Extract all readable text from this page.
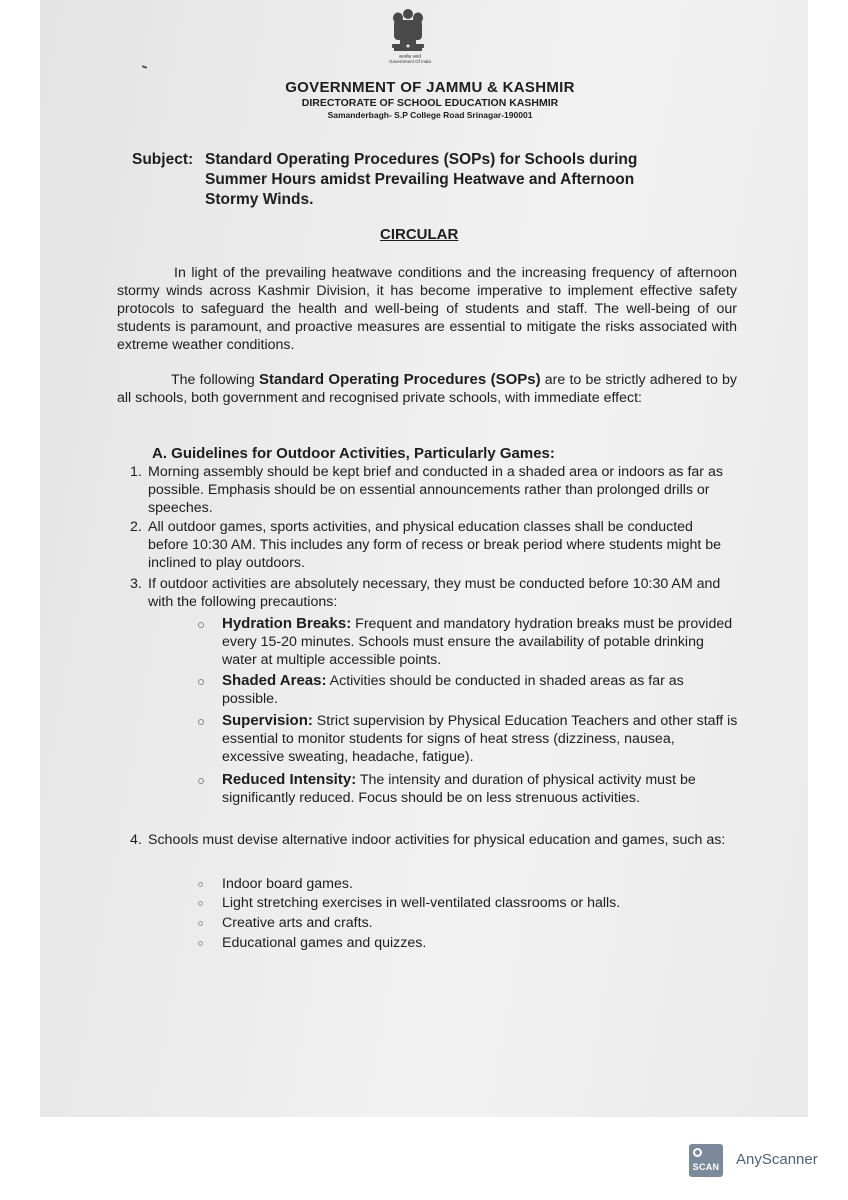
सत्यमेव जयते
Government Of India
GOVERNMENT OF JAMMU & KASHMIR
DIRECTORATE OF SCHOOL EDUCATION KASHMIR
Samanderbagh- S.P College Road Srinagar-190001
Subject: Standard Operating Procedures (SOPs) for Schools during
Summer Hours amidst Prevailing Heatwave and Afternoon
Stormy Winds.
CIRCULAR
In light of the prevailing heatwave conditions and the increasing frequency of afternoon stormy winds across Kashmir Division, it has become imperative to implement effective safety protocols to safeguard the health and well-being of students and staff. The well-being of our students is paramount, and proactive measures are essential to mitigate the risks associated with extreme weather conditions.
The following Standard Operating Procedures (SOPs) are to be strictly adhered to by all schools, both government and recognised private schools, with immediate effect:
A. Guidelines for Outdoor Activities, Particularly Games:
1. Morning assembly should be kept brief and conducted in a shaded area or indoors as far as possible. Emphasis should be on essential announcements rather than prolonged drills or speeches.
2. All outdoor games, sports activities, and physical education classes shall be conducted before 10:30 AM. This includes any form of recess or break period where students might be inclined to play outdoors.
3. If outdoor activities are absolutely necessary, they must be conducted before 10:30 AM and with the following precautions:
Hydration Breaks: Frequent and mandatory hydration breaks must be provided every 15-20 minutes. Schools must ensure the availability of potable drinking water at multiple accessible points.
Shaded Areas: Activities should be conducted in shaded areas as far as possible.
Supervision: Strict supervision by Physical Education Teachers and other staff is essential to monitor students for signs of heat stress (dizziness, nausea, excessive sweating, headache, fatigue).
Reduced Intensity: The intensity and duration of physical activity must be significantly reduced. Focus should be on less strenuous activities.
4. Schools must devise alternative indoor activities for physical education and games, such as:
Indoor board games.
Light stretching exercises in well-ventilated classrooms or halls.
Creative arts and crafts.
Educational games and quizzes.
SCAN AnyScanner
